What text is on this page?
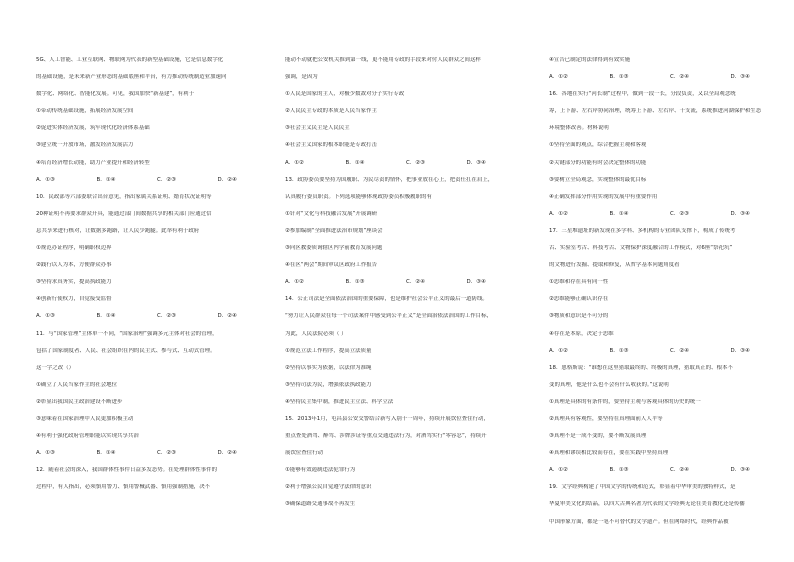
5G、人工智能、工业互联网、物联网为代表的新型基础设施，它是信息数字化
的基础设施，是未来新产业形态的基础底座和平台，有力推动传统制造业加速向
数字化、网络化、智能化发展。可见，我国加快“新基建”，有利于
①带动传统基础设施，拓展经济发展空间
②促进实体经济发展，筑牢现代化经济体系基础
③建立统一开放市场，激发经济发展活力
④培育经济增长动能，助力产业提升和经济转型
A．①③	B．①④	C．②③	D．②④
10．民政部等六部委联合出台意见，指出家属关系证明、婚育状况证明等
20种证明不再要求群众开具，能通过部门间数据共享的相关部门应通过信
息共享来进行核对，让数据多跑路，让人民少跑腿。此举有利于政府
①规范办证程序，明确职权边界
②践行以人为本，方便群众办事
③坚持求真务实，提高执政能力
④创新行使权力，自觉接受监督
A．①③	B．①④	C．②③	D．②④
11．与“国家管理”主体单一不同，“国家治理”强调多元主体对社会的管理，
包括了国家制度者、人民、社会组织在内的民主式、参与式、互动式管理。
这一字之改（）
①确立了人民当家作主的社会地位
②彰显出我国民主政治建设不断进步
③意味着在国家治理中人民更加积极主动
④有利于强化政府管理职能以实现共享共治
A．①③	B．①④	C．②③	D．②④
12．随着社会的深入，我国群体性事件日益多发态势。在处理群体性事件的
过程中，有人指出，必须慎用警力、慎用警械武器、慎用强制措施，决不
能动不动就把公安机关推到第一线，更不能用专政的手段来对付人民群众之间这样
强调，是因为
①人民是国家的主人，对极少数敌对分子实行专政
②人民民主专政的本质是人民当家作主
③社会主义民主是人民民主
④社会主义国家的根本职能是专政打击
A．①②	B．①④	C．②③	D．③④
13．政协委员要坚持为国履职、为民尽责的情怀，把事业放在心上，把责任扛在肩上，
认真履行委员职责。下列选项能够体现政协委员积极履职的有
①针对“文化与科技融合发展”开展调研
②参加编制“全面推进法治市规划”座谈会
③向区教委质询辖区内学前教育发展问题
④在区“两会”期间审议区政府工作报告
A．①②	B．①③	C．②④	D．③④
14．公正司法是全面依法治国的重要保障，也是维护社会公平正义的最后一道防线。
“努力让人民群众在每一个司法案件中感受到公平正义”是全面治依法治国的工作目标，
为此，人民法院必须（ ）
①规范立法工作程序，提高立法质量
②坚持以事实为依据，以法律为准绳
③坚持司法为民，增强依法执政能力
④坚持民主集中制，推进民主立法、科学立法
15．2013年1月，屯昌县公安交警结合新写入别十一周年，持续开展饮位查住行动，
重点查处酒驾、醉驾、涉牌涉证等重点交通违法行为，对酒驾实行“零容忍”，持续开
展饮位查住行动
①能够有效遏制违法犯罪行为
②利于增强公民自觉遵守法律的意识
③确保道路交通事故不再发生
④宣告已制定的法律得到有效实施
A．①②	B．①③	C．②④	D．③④
16．各地在实行“河长制”过程中，做到一段一长，分段负责，又以全局观念统
筹，上下游、左右岸协同治理，统筹上下游、左右岸、干支流，系统推进河湖保护和生态
环境整体改善。材料说明
①坚持全面的观点，综合把握主观和客观
②关键部分的功能有时会决定整体的功能
③要树立全局观念，实现整体的最优目标
④正确发挥部分作用实现的发展中有重要作用
A．①②	B．①④	C．②③	D．③④
17．三星堆遗址的新发现在多学科、多机构的专业团队支撑下，构成了传统考
古、实验室考古、科技考古、文物保护深度融合的工作模式，对6座“祭祀坑”
的文物进行发掘、提取和修复，从哲学基本问题角度看
①思维和存在具有同一性
②思维能够正确认识存在
③物质和意识是不可分的
④存在是本原，决定于思维
A．①②	B．①③	C．②④	D．③④
18．恩格斯说：“谁想在这里猎取最终的、终极的真理，猎取真正的、根本不
变的真理，他是什么也不会有什么收获的。”这说明
①真理是具体的有条件的，要坚持主观与客观具体的历史的统一
②真理具有客观性，要坚持在真理面前人人平等
③真理不是一成不变的，要不断发展真理
④真理和谬误相比较而存在，要在实践中坚持真理
A．①②	B．①③	C．②④	D．③④
19．文学经典构建了中国文学的传统和范式，彰显着中华审美的独特样式，是
华夏审美文化的结晶，以四大古典名著为代表的文学经典无论在美育教化还是传播
中国形象方面，都是一笔不可替代的文学遗产。但在网络时代，经典作品被
